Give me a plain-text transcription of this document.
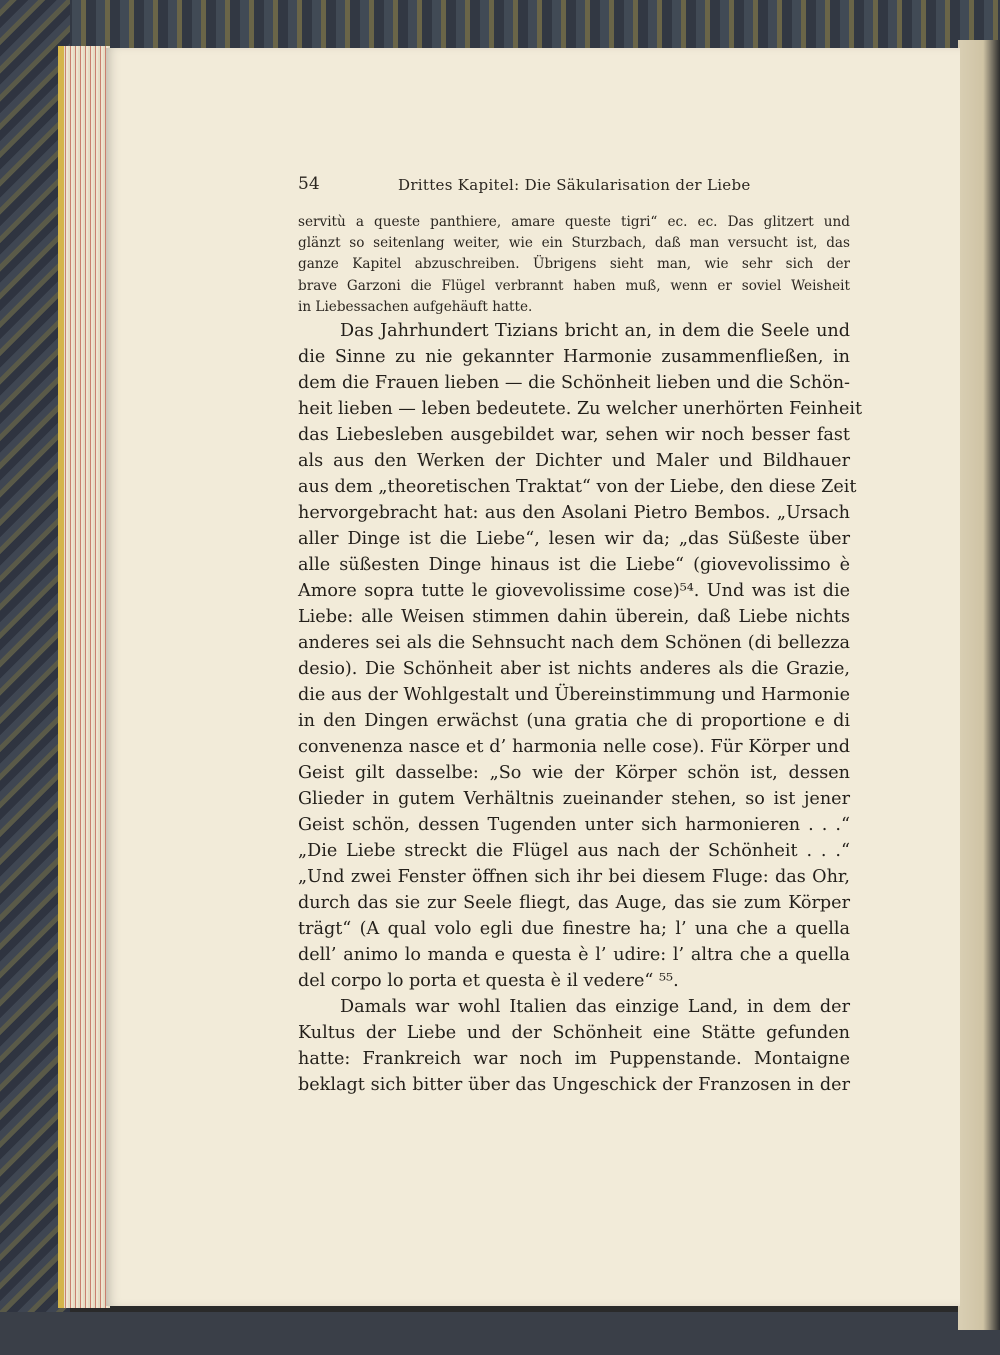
54	Drittes Kapitel: Die Säkularisation der Liebe
servitù a queste panthiere, amare queste tigri“ ec. ec. Das glitzert und
glänzt so seitenlang weiter, wie ein Sturzbach, daß man versucht ist, das
ganze Kapitel abzuschreiben. Übrigens sieht man, wie sehr sich der
brave Garzoni die Flügel verbrannt haben muß, wenn er soviel Weisheit
in Liebessachen aufgehäuft hatte.
Das Jahrhundert Tizians bricht an, in dem die Seele und
die Sinne zu nie gekannter Harmonie zusammenfließen, in
dem die Frauen lieben — die Schönheit lieben und die Schön-
heit lieben — leben bedeutete. Zu welcher unerhörten Feinheit
das Liebesleben ausgebildet war, sehen wir noch besser fast
als aus den Werken der Dichter und Maler und Bildhauer
aus dem „theoretischen Traktat“ von der Liebe, den diese Zeit
hervorgebracht hat: aus den Asolani Pietro Bembos. „Ursach
aller Dinge ist die Liebe“, lesen wir da; „das Süßeste über
alle süßesten Dinge hinaus ist die Liebe“ (giovevolissimo è
Amore sopra tutte le giovevolissime cose)⁵⁴. Und was ist die
Liebe: alle Weisen stimmen dahin überein, daß Liebe nichts
anderes sei als die Sehnsucht nach dem Schönen (di bellezza
desio). Die Schönheit aber ist nichts anderes als die Grazie,
die aus der Wohlgestalt und Übereinstimmung und Harmonie
in den Dingen erwächst (una gratia che di proportione e di
convenenza nasce et d’ harmonia nelle cose). Für Körper und
Geist gilt dasselbe: „So wie der Körper schön ist, dessen
Glieder in gutem Verhältnis zueinander stehen, so ist jener
Geist schön, dessen Tugenden unter sich harmonieren . . .“
„Die Liebe streckt die Flügel aus nach der Schönheit . . .“
„Und zwei Fenster öffnen sich ihr bei diesem Fluge: das Ohr,
durch das sie zur Seele fliegt, das Auge, das sie zum Körper
trägt“ (A qual volo egli due finestre ha; l’ una che a quella
dell’ animo lo manda e questa è l’ udire: l’ altra che a quella
del corpo lo porta et questa è il vedere“ ⁵⁵.
Damals war wohl Italien das einzige Land, in dem der
Kultus der Liebe und der Schönheit eine Stätte gefunden
hatte: Frankreich war noch im Puppenstande. Montaigne
beklagt sich bitter über das Ungeschick der Franzosen in der
